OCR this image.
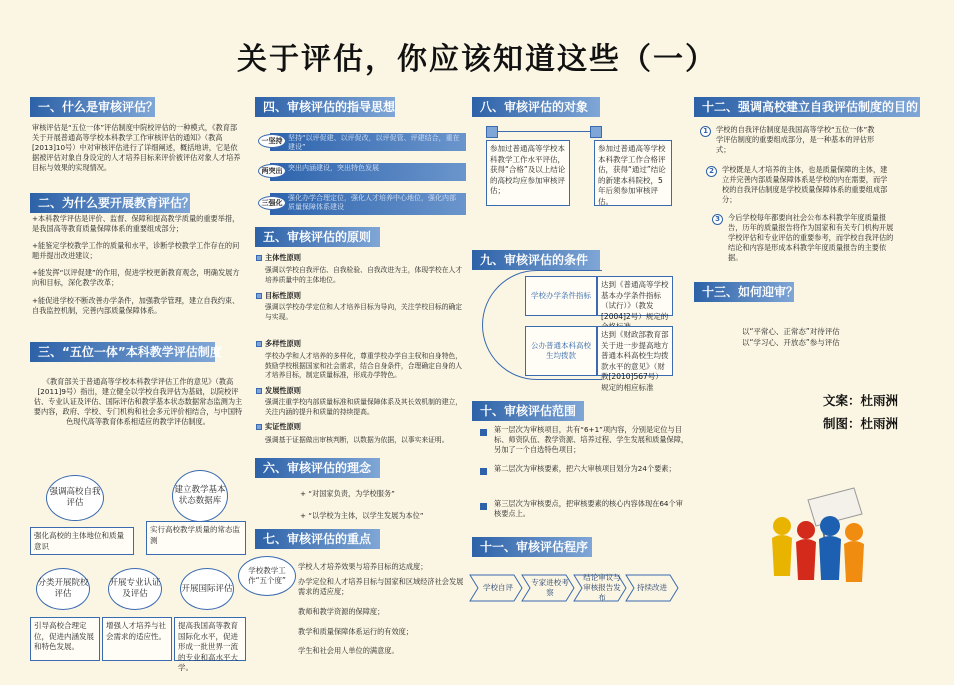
关于评估，你应该知道这些（一）
一、什么是审核评估？
审核评估是“五位一体”评估制度中院校评估的一种模式，《教育部关于开展普通高等学校本科教学工作审核评估的通知》（教高[2013]10号）中对审核评估进行了详细阐述，概括地讲，它是依据被评估对象自身设定的人才培养目标来评价被评估对象人才培养目标与效果的实现情况。
二、为什么要开展教育评估？
+本科教学评估是评价、监督、保障和提高教学质量的重要举措，是我国高等教育质量保障体系的重要组成部分；
+能鉴定学校教学工作的质量和水平，诊断学校教学工作存在的问题并提出改进建议；
+能发挥“以评促建”的作用，促进学校更新教育观念，明确发展方向和目标，深化教学改革；
+能促进学校不断改善办学条件，加强教学管理，建立自我约束、自我监控机制，完善内部质量保障体系。
三、“五位一体”本科教学评估制度
《教育部关于普通高等学校本科教学评估工作的意见》（教高[2011]9号）指出，建立健全以学校自我评估为基础，以院校评估、专业认证及评估、国际评估和教学基本状态数据常态监测为主要内容，政府、学校、专门机构和社会多元评价相结合，与中国特色现代高等教育体系相适应的教学评估制度。
强调高校自我评估
建立教学基本状态数据库
强化高校的主体地位和质量意识
实行高校教学质量的常态监测
分类开展院校评估
开展专业认证及评估
开展国际评估
引导高校合理定位，促进内涵发展和特色发展。
增强人才培养与社会需求的适应性。
提高我国高等教育国际化水平，促进形成一批世界一流的专业和高水平大学。
四、审核评估的指导思想
坚持“以评促建、以评促改，以评促管、评建结合，重在建设”
一坚持
突出内涵建设，突出特色发展
两突出
强化办学合理定位，强化人才培养中心地位，强化内部质量保障体系建设
三强化
五、审核评估的原则
主体性原则
强调以学校自我评估、自我检验、自我改进为主，体现学校在人才培养质量中的主体地位。
目标性原则
强调以学校办学定位和人才培养目标为导向，关注学校目标的确定与实现。
多样性原则
学校办学和人才培养的多样化，尊重学校办学自主权和自身特色，鼓励学校根据国家和社会需求，结合自身条件，合理确定自身的人才培养目标，制定质量标准，形成办学特色。
发展性原则
强调注重学校内部质量标准和质量保障体系及其长效机制的建立，关注内涵的提升和质量的持续提高。
实证性原则
强调基于证据做出审核判断，以数据为依据，以事实来证明。
六、审核评估的理念
+ “对国家负责，为学校服务”
+ “以学校为主体，以学生发展为本位”
七、审核评估的重点
学校教学工作“五个度”
学校人才培养效果与培养目标的达成度；
办学定位和人才培养目标与国家和区域经济社会发展需求的适应度；
教师和教学资源的保障度；
教学和质量保障体系运行的有效度；
学生和社会用人单位的满意度。
八、审核评估的对象
参加过普通高等学校本科教学工作水平评估，获得“合格”及以上结论的高校均应参加审核评估；
参加过普通高等学校本科教学工作合格评估，获得“通过”结论的新建本科院校，5年后须参加审核评估。
九、审核评估的条件
学校办学条件指标
达到《普通高等学校基本办学条件指标（试行）》（教发[2004]2号）规定的
公办普通本科高校生均拨款
达到《财政部教育部关于进一步提高地方普通本科高校生均拨款水平的意见》（财教[2010]567号）规定的相应标准
十、审核评估范围
第一层次为审核项目，共有“6+1”项内容，分别是定位与目标、师资队伍、教学资源、培养过程、学生发展和质量保障，另加了一个自选特色项目；
第二层次为审核要素，把六大审核项目划分为24个要素；
第三层次为审核要点，把审核要素的核心内容体现在64个审核要点上。
十一、审核评估程序
学校自评
专家进校考察
结论审议与审核报告发布
持续改进
十二、强调高校建立自我评估制度的目的
1	学校的自我评估制度是我国高等学校“五位一体”教学评估制度的重要组成部分，是一种基本的评估形式；
2	学校既是人才培养的主体，也是质量保障的主体，建立并完善内部质量保障体系是学校的内在需要，而学校的自我评估制度是学校质量保障体系的重要组成部分；
3	今后学校每年都要向社会公布本科教学年度质量报告，历年的质量报告将作为国家和有关专门机构开展学校评估和专业评估的重要参考，而学校自我评估的结论和内容是形成本科教学年度质量报告的主要依据。
十三、如何迎审？
以“平常心、正常态”对待评估
以“学习心、开放态”参与评估
文案：杜雨洲
制图：杜雨洲
